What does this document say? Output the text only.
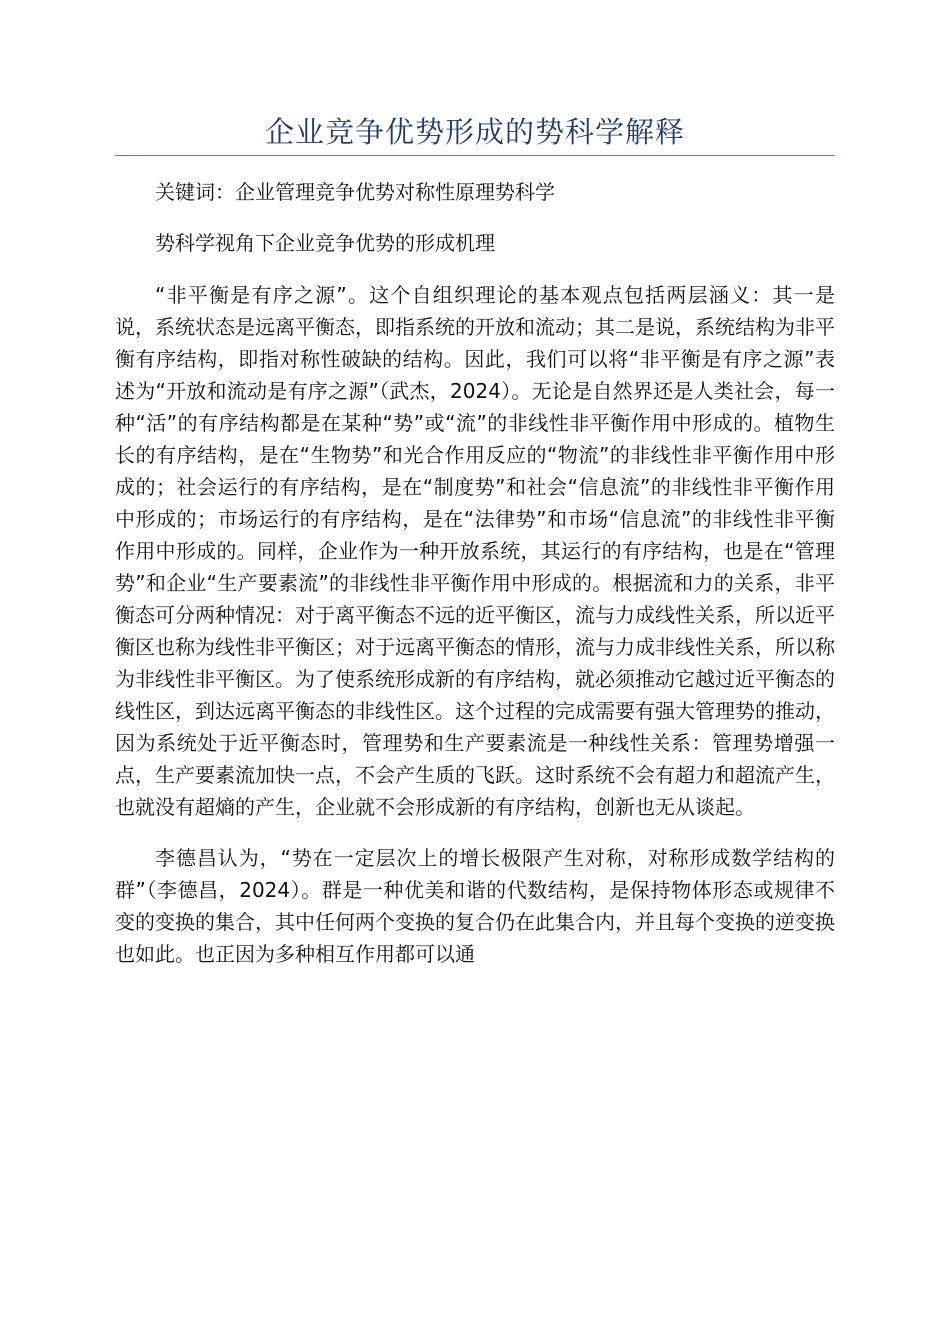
企业竞争优势形成的势科学解释

关键词：企业管理竞争优势对称性原理势科学

势科学视角下企业竞争优势的形成机理

“非平衡是有序之源”。这个自组织理论的基本观点包括两层涵义：其一是说，系统状态是远离平衡态，即指系统的开放和流动；其二是说，系统结构为非平衡有序结构，即指对称性破缺的结构。因此，我们可以将“非平衡是有序之源”表述为“开放和流动是有序之源”（武杰，2024）。无论是自然界还是人类社会，每一种“活”的有序结构都是在某种“势”或“流”的非线性非平衡作用中形成的。植物生长的有序结构，是在“生物势”和光合作用反应的“物流”的非线性非平衡作用中形成的；社会运行的有序结构，是在“制度势”和社会“信息流”的非线性非平衡作用中形成的；市场运行的有序结构，是在“法律势”和市场“信息流”的非线性非平衡作用中形成的。同样，企业作为一种开放系统，其运行的有序结构，也是在“管理势”和企业“生产要素流”的非线性非平衡作用中形成的。根据流和力的关系，非平衡态可分两种情况：对于离平衡态不远的近平衡区，流与力成线性关系，所以近平衡区也称为线性非平衡区；对于远离平衡态的情形，流与力成非线性关系，所以称为非线性非平衡区。为了使系统形成新的有序结构，就必须推动它越过近平衡态的线性区，到达远离平衡态的非线性区。这个过程的完成需要有强大管理势的推动，因为系统处于近平衡态时，管理势和生产要素流是一种线性关系：管理势增强一点，生产要素流加快一点，不会产生质的飞跃。这时系统不会有超力和超流产生，也就没有超熵的产生，企业就不会形成新的有序结构，创新也无从谈起。

李德昌认为，“势在一定层次上的增长极限产生对称，对称形成数学结构的群”（李德昌，2024）。群是一种优美和谐的代数结构，是保持物体形态或规律不变的变换的集合，其中任何两个变换的复合仍在此集合内，并且每个变换的逆变换也如此。也正因为多种相互作用都可以通
